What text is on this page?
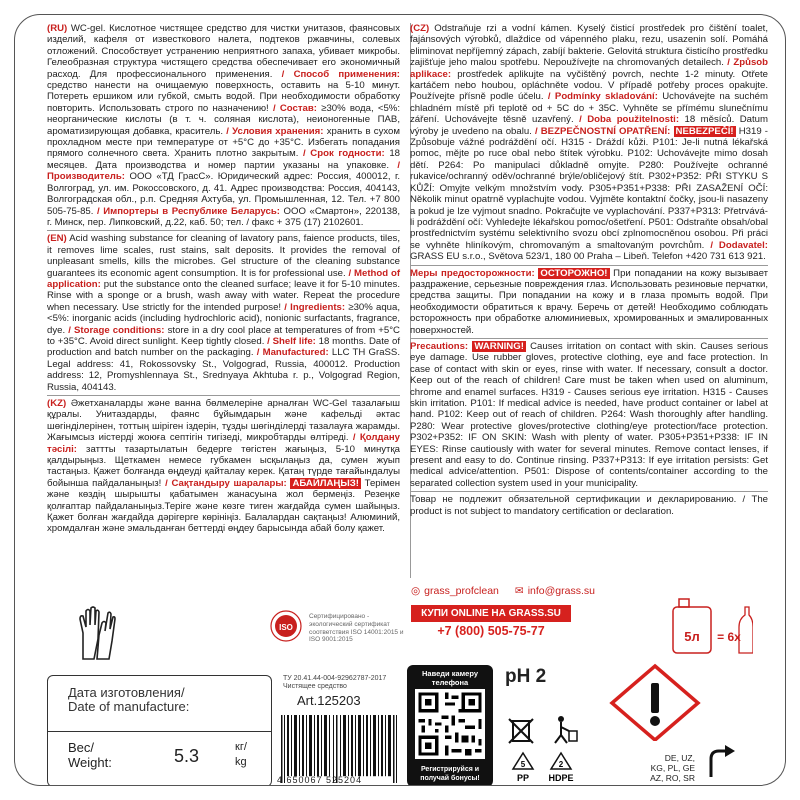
(RU) WC-gel. Кислотное чистящее средство для чистки унитазов, фаянсовых изделий, кафеля от известкового налета, подтеков ржавчины, солевых отложений. Способствует устранению неприятного запаха, убивает микробы. Гелеобразная структура чистящего средства обеспечивает его экономичный расход. Для профессионального применения. / Способ применения: средство нанести на очищаемую поверхность, оставить на 5-10 минут. Потереть ершиком или губкой, смыть водой. При необходимости обработку повторить. Использовать строго по назначению! / Состав: ≥30% вода, <5%: неорганические кислоты (в т. ч. соляная кислота), неионогенные ПАВ, ароматизирующая добавка, краситель. / Условия хранения: хранить в сухом прохладном месте при температуре от +5°С до +35°С. Избегать попадания прямого солнечного света. Хранить плотно закрытым. / Срок годности: 18 месяцев. Дата производства и номер партии указаны на упаковке. / Производитель: ООО «ТД ГрасС». Юридический адрес: Россия, 400012, г. Волгоград, ул. им. Рокоссовского, д. 41. Адрес производства: Россия, 404143, Волгоградская обл., р.п. Средняя Ахтуба, ул. Промышленная, 12. Тел. +7 800 505-75-85. / Импортеры в Республике Беларусь: ООО «Смартон», 220138, г. Минск, пер. Липковский, д.22, каб. 50; тел. / факс + 375 (17) 2102601.

(EN) Acid washing substance for cleaning of lavatory pans, faience products, tiles, it removes lime scales, rust stains, salt deposits. It provides the removal of unpleasant smells, kills the microbes. Gel structure of the cleaning substance guarantees its economic agent consumption. It is for professional use. / Method of application: put the substance onto the cleaned surface; leave it for 5-10 minutes. Rinse with a sponge or a brush, wash away with water. Repeat the procedure when necessary. Use strictly for the intended purpose! / Ingredients: ≥30% aqua, <5%: inorganic acids (including hydrochloric acid), nonionic surfactants, fragrance, dye. / Storage conditions: store in a dry cool place at temperatures of from +5°C to +35°C. Avoid direct sunlight. Keep tightly closed. / Shelf life: 18 months. Date of production and batch number on the packaging. / Manufactured: LLC TH GraSS. Legal address: 41, Rokossovsky St., Volgograd, Russia, 400012. Production address: 12, Promyshlennaya St., Srednyaya Akhtuba r. p., Volgograd Region, Russia, 404143.

(KZ) Әжетханаларды және ванна бөлмелеріне арналған WC-Gel тазалағыш құралы. Унитаздарды, фаянс бұйымдарын және кафельді әктас шөгінділерінен, тоттың шіріген іздерін, тұзды шөгінділерді тазалауға жарамды. Жағымсыз иістерді жоюға септігін тигізеді, микробтарды өлтіреді. / Қолдану тәсілі: заттты тазартылатын бедерге төгістен жағыңыз, 5-10 минутқа қалдырыңыз. Щеткамен немесе губкамен ысқылаңыз да, сумен жуып тастаңыз. Қажет болғанда өңдеуді қайталау керек. Қатаң түрде тағайындалуы бойынша пайдаланыңыз! / Сақтандыру шаралары: АБАЙЛАҢЫЗ! Терімен және көздің шырышты қабатымен жанасуына жол бермеңіз. Резеңке қолғаптар пайдаланыңыз.Теріге және көзге тиген жағдайда сумен шайыңыз. Қажет болған жағдайда дәрігерге көрініңіз. Балалардан сақтаңыз! Алюминий, хромдалған және эмальданған беттерді өңдеу барысында абай болу қажет.

(CZ) Odstraňuje rzi a vodní kámen. Kyselý čisticí prostředek pro čištění toalet, fajánsových výrobků, dlaždice od vápenného plaku, rezu, usazenin solí. Pomáhá eliminovat nepříjemný zápach, zabíjí bakterie. Gelovitá struktura čisticího prostředku zajišťuje jeho malou spotřebu. Nepoužívejte na chromovaných detailech. / Způsob aplikace: prostředek aplikujte na vyčištěný povrch, nechte 1-2 minuty. Otřete kartáčem nebo houbou, opláchněte vodou. V případě potřeby proces opakujte. Používejte přísně podle účelu. / Podmínky skladování: Uchovávejte na suchém chladném místě při teplotě od + 5C do + 35C. Vyhněte se přímému slunečnímu záření. Uchovávejte těsně uzavřený. / Doba použitelnosti: 18 měsíců. Datum výroby je uvedeno na obalu. / BEZPEČNOSTNÍ OPATŘENÍ: NEBEZPEČÍ! H319 - Způsobuje vážné podráždění očí. H315 - Dráždí kůži. P101: Je-li nutná lékařská pomoc, mějte po ruce obal nebo štítek výrobku. P102: Uchovávejte mimo dosah dětí. P264: Po manipulaci důkladně omyjte. P280: Používejte ochranné rukavice/ochranný oděv/ochranné brýle/obličejový štít. P302+P352: PŘI STYKU S KŮŽÍ: Omyjte velkým množstvím vody. P305+P351+P338: PŘI ZASAŽENÍ OČÍ: Několik minut opatrně vyplachujte vodou. Vyjměte kontaktní čočky, jsou-li nasazeny a pokud je lze vyjmout snadno. Pokračujte ve vyplachování. P337+P313: Přetrvává-li podráždění očí: Vyhledejte lékařskou pomoc/ošetření. P501: Odstraňte obsah/obal prostřednictvím systému selektivního svozu obcí zplnomocněnou osobou. Při práci se vyhněte hliníkovým, chromovaným a smaltovaným povrchům. / Dodavatel: GRASS EU s.r.o., Světova 523/1, 180 00 Praha – Libeň. Telefon +420 731 613 921.

Меры предосторожности: ОСТОРОЖНО! При попадании на кожу вызывает раздражение, серьезные повреждения глаз. Использовать резиновые перчатки, средства защиты. При попадании на кожу и в глаза промыть водой. При необходимости обратиться к врачу. Беречь от детей! Необходимо соблюдать осторожность при обработке алюминиевых, хромированных и эмалированных поверхностей.

Precautions: WARNING! Causes irritation on contact with skin. Causes serious eye damage. Use rubber gloves, protective clothing, eye and face protection. In case of contact with skin or eyes, rinse with water. If necessary, consult a doctor. Keep out of the reach of children! Care must be taken when used on aluminum, chrome and enamel surfaces. H319 - Causes serious eye irritation. H315 - Causes skin irritation. P101: If medical advice is needed, have product container or label at hand. P102: Keep out of reach of children. P264: Wash thoroughly after handling. P280: Wear protective gloves/protective clothing/eye protection/face protection. P302+P352: IF ON SKIN: Wash with plenty of water. P305+P351+P338: IF IN EYES: Rinse cautiously with water for several minutes. Remove contact lenses, if present and easy to do. Continue rinsing. P337+P313: If eye irritation persists: Get medical advice/attention. P501: Dispose of contents/container according to the separated collection system used in your municipality.

Товар не подлежит обязательной сертификации и декларированию. / The product is not subject to mandatory certification or declaration.

ISO
Сертифицировано - экологический сертификат соответствия ISO 14001:2015 и ISO 9001:2015
Дата изготовления/
Date of manufacture:
Вес/
Weight:	5.3	кг/
kg
ТУ 20.41.44-004-92962787-2017
Чистящее средство
Art.125203
4 650067 525204
◎ grass_profclean ✉ info@grass.su
КУПИ ONLINE НА GRASS.SU
+7 (800) 505-75-77	5л = 6x
Наведи камеру телефона
Регистрируйся и получай бонусы!
pH 2
5
PP
2
HDPE
DE, UZ,
KG, PL, GE
AZ, RO, SR
